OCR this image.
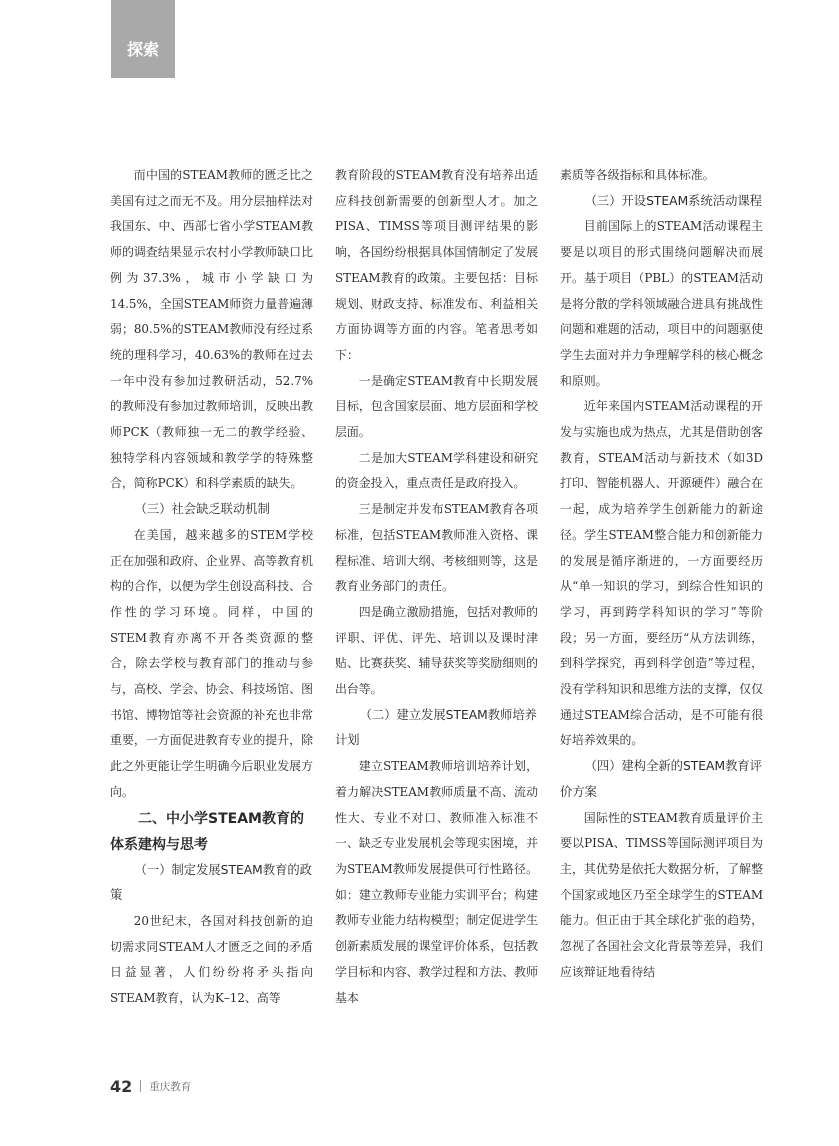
探索
而中国的STEAM教师的匮乏比之美国有过之而无不及。用分层抽样法对我国东、中、西部七省小学STEAM教师的调查结果显示农村小学教师缺口比例为37.3%，城市小学缺口为14.5%，全国STEAM师资力量普遍薄弱；80.5%的STEAM教师没有经过系统的理科学习，40.63%的教师在过去一年中没有参加过教研活动，52.7%的教师没有参加过教师培训，反映出教师PCK（教师独一无二的教学经验、独特学科内容领域和教学学的特殊整合，简称PCK）和科学素质的缺失。
（三）社会缺乏联动机制
在美国，越来越多的STEM学校正在加强和政府、企业界、高等教育机构的合作，以便为学生创设高科技、合作性的学习环境。同样，中国的STEM教育亦离不开各类资源的整合，除去学校与教育部门的推动与参与，高校、学会、协会、科技场馆、图书馆、博物馆等社会资源的补充也非常重要，一方面促进教育专业的提升，除此之外更能让学生明确今后职业发展方向。
二、中小学STEAM教育的体系建构与思考
（一）制定发展STEAM教育的政策
20世纪末，各国对科技创新的迫切需求同STEAM人才匮乏之间的矛盾日益显著，人们纷纷将矛头指向STEAM教育，认为K–12、高等
教育阶段的STEAM教育没有培养出适应科技创新需要的创新型人才。加之PISA、TIMSS等项目测评结果的影响，各国纷纷根据具体国情制定了发展STEAM教育的政策。主要包括：目标规划、财政支持、标准发布、利益相关方面协调等方面的内容。笔者思考如下：
一是确定STEAM教育中长期发展目标，包含国家层面、地方层面和学校层面。
二是加大STEAM学科建设和研究的资金投入，重点责任是政府投入。
三是制定并发布STEAM教育各项标准，包括STEAM教师准入资格、课程标准、培训大纲、考核细则等，这是教育业务部门的责任。
四是确立激励措施，包括对教师的评职、评优、评先、培训以及课时津贴、比赛获奖、辅导获奖等奖励细则的出台等。
（二）建立发展STEAM教师培养计划
建立STEAM教师培训培养计划，着力解决STEAM教师质量不高、流动性大、专业不对口、教师准入标准不一、缺乏专业发展机会等现实困境，并为STEAM教师发展提供可行性路径。如：建立教师专业能力实训平台；构建教师专业能力结构模型；制定促进学生创新素质发展的课堂评价体系，包括教学目标和内容、教学过程和方法、教师基本
素质等各级指标和具体标准。
（三）开设STEAM系统活动课程
目前国际上的STEAM活动课程主要是以项目的形式围绕问题解决而展开。基于项目（PBL）的STEAM活动是将分散的学科领域融合进具有挑战性问题和难题的活动，项目中的问题驱使学生去面对并力争理解学科的核心概念和原则。
近年来国内STEAM活动课程的开发与实施也成为热点，尤其是借助创客教育，STEAM活动与新技术（如3D打印、智能机器人、开源硬件）融合在一起，成为培养学生创新能力的新途径。学生STEAM整合能力和创新能力的发展是循序渐进的，一方面要经历从“单一知识的学习，到综合性知识的学习，再到跨学科知识的学习”等阶段；另一方面，要经历“从方法训练，到科学探究，再到科学创造”等过程，没有学科知识和思维方法的支撑，仅仅通过STEAM综合活动，是不可能有很好培养效果的。
（四）建构全新的STEAM教育评价方案
国际性的STEAM教育质量评价主要以PISA、TIMSS等国际测评项目为主，其优势是依托大数据分析，了解整个国家或地区乃至全球学生的STEAM能力。但正由于其全球化扩张的趋势，忽视了各国社会文化背景等差异，我们应该辩证地看待结
42 重庆教育
